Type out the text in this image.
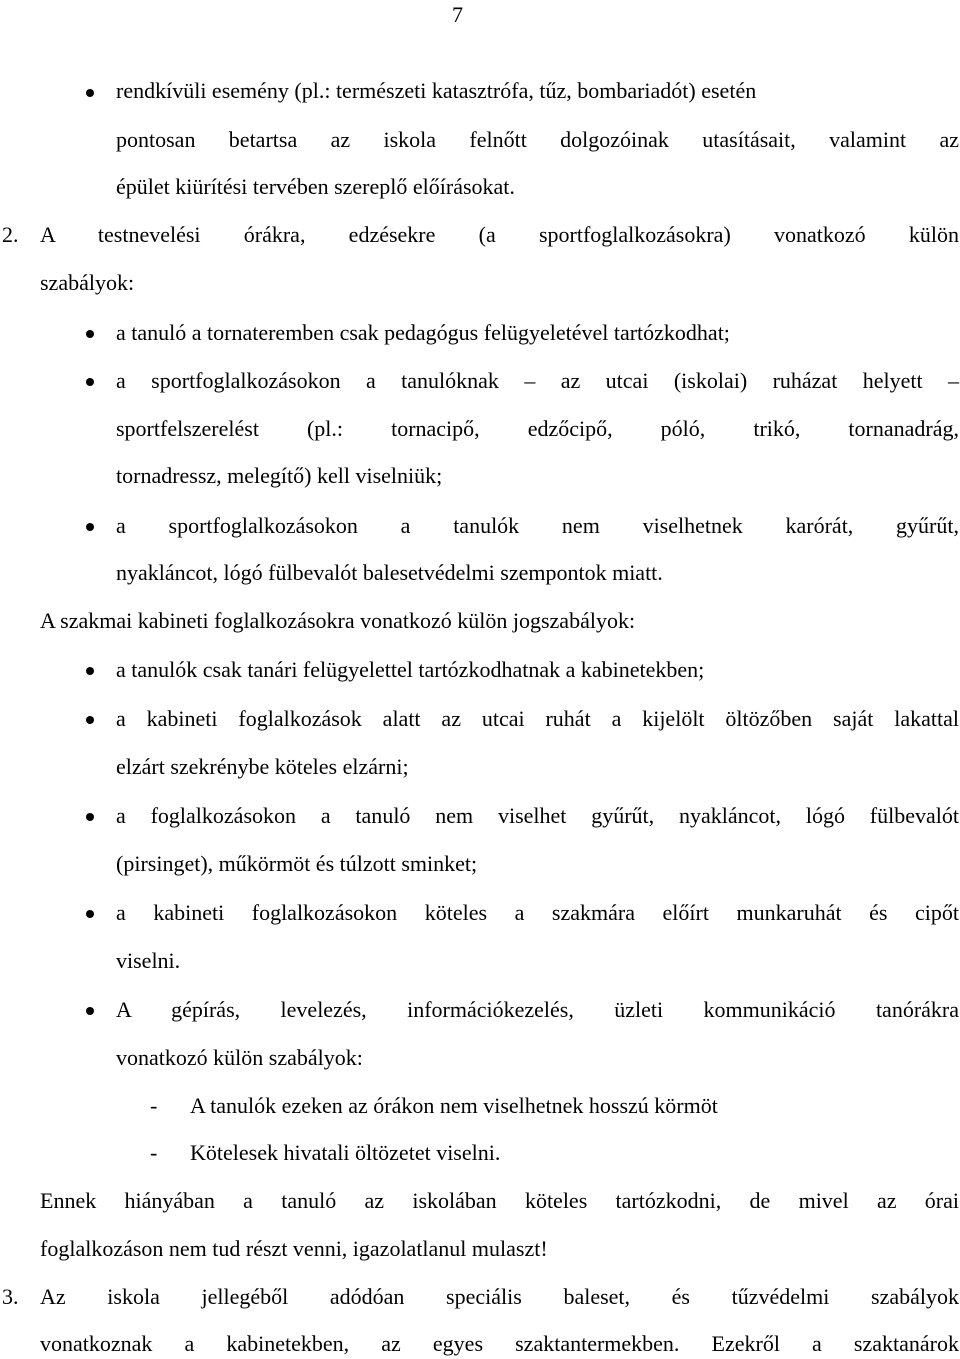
7
rendkívüli esemény (pl.: természeti katasztrófa, tűz, bombariadót) esetén
pontosan betartsa az iskola felnőtt dolgozóinak utasításait, valamint az
épület kiürítési tervében szereplő előírásokat.
2. A testnevelési órákra, edzésekre (a sportfoglalkozásokra) vonatkozó külön
szabályok:
a tanuló a tornateremben csak pedagógus felügyeletével tartózkodhat;
a sportfoglalkozásokon a tanulóknak – az utcai (iskolai) ruházat helyett –
sportfelszerelést (pl.: tornacipő, edzőcipő, póló, trikó, tornanadrág,
tornadressz, melegítő) kell viselniük;
a sportfoglalkozásokon a tanulók nem viselhetnek karórát, gyűrűt,
nyakláncot, lógó fülbevalót balesetvédelmi szempontok miatt.
A szakmai kabineti foglalkozásokra vonatkozó külön jogszabályok:
a tanulók csak tanári felügyelettel tartózkodhatnak a kabinetekben;
a kabineti foglalkozások alatt az utcai ruhát a kijelölt öltözőben saját lakattal
elzárt szekrénybe köteles elzárni;
a foglalkozásokon a tanuló nem viselhet gyűrűt, nyakláncot, lógó fülbevalót
(pirsinget), műkörmöt és túlzott sminket;
a kabineti foglalkozásokon köteles a szakmára előírt munkaruhát és cipőt
viselni.
A gépírás, levelezés, információkezelés, üzleti kommunikáció tanórákra
vonatkozó külön szabályok:
- A tanulók ezeken az órákon nem viselhetnek hosszú körmöt
- Kötelesek hivatali öltözetet viselni.
Ennek hiányában a tanuló az iskolában köteles tartózkodni, de mivel az órai
foglalkozáson nem tud részt venni, igazolatlanul mulaszt!
3. Az iskola jellegéből adódóan speciális baleset, és tűzvédelmi szabályok
vonatkoznak a kabinetekben, az egyes szaktantermekben. Ezekről a szaktanárok
